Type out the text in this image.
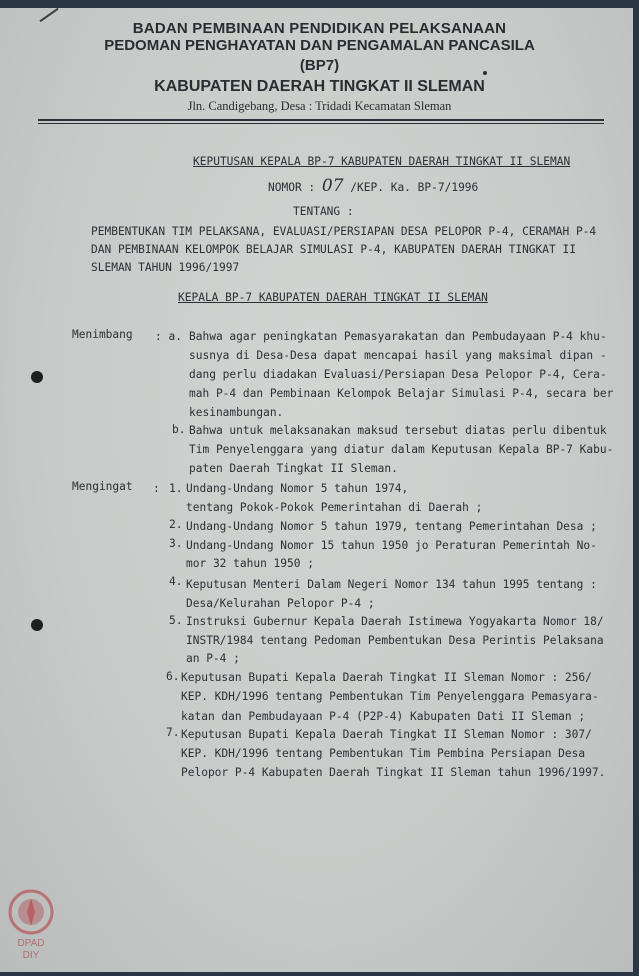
BADAN PEMBINAAN PENDIDIKAN PELAKSANAAN
PEDOMAN PENGHAYATAN DAN PENGAMALAN PANCASILA
(BP7)
KABUPATEN DAERAH TINGKAT II SLEMAN
Jln. Candigebang, Desa : Tridadi Kecamatan Sleman
KEPUTUSAN KEPALA BP-7 KABUPATEN DAERAH TINGKAT II SLEMAN
NOMOR : 07 /KEP. Ka. BP-7/1996
TENTANG :
PEMBENTUKAN TIM PELAKSANA, EVALUASI/PERSIAPAN DESA PELOPOR P-4, CERAMAH P-4
DAN PEMBINAAN KELOMPOK BELAJAR SIMULASI P-4, KABUPATEN DAERAH TINGKAT II
SLEMAN TAHUN 1996/1997
KEPALA BP-7 KABUPATEN DAERAH TINGKAT II SLEMAN
Menimbang : a. Bahwa agar peningkatan Pemasyarakatan dan Pembudayaan P-4 khu-
susnya di Desa-Desa dapat mencapai hasil yang maksimal dipan -
dang perlu diadakan Evaluasi/Persiapan Desa Pelopor P-4, Cera-
mah P-4 dan Pembinaan Kelompok Belajar Simulasi P-4, secara ber
kesinambungan.
b. Bahwa untuk melaksanakan maksud tersebut diatas perlu dibentuk
Tim Penyelenggara yang diatur dalam Keputusan Kepala BP-7 Kabu-
paten Daerah Tingkat II Sleman.
Mengingat : 1. Undang-Undang Nomor 5 tahun 1974,
tentang Pokok-Pokok Pemerintahan di Daerah ;
2. Undang-Undang Nomor 5 tahun 1979, tentang Pemerintahan Desa ;
3. Undang-Undang Nomor 15 tahun 1950 jo Peraturan Pemerintah No-
mor 32 tahun 1950 ;
4. Keputusan Menteri Dalam Negeri Nomor 134 tahun 1995 tentang :
Desa/Kelurahan Pelopor P-4 ;
5. Instruksi Gubernur Kepala Daerah Istimewa Yogyakarta Nomor 18/
INSTR/1984 tentang Pedoman Pembentukan Desa Perintis Pelaksana
an P-4 ;
6. Keputusan Bupati Kepala Daerah Tingkat II Sleman Nomor : 256/
KEP. KDH/1996 tentang Pembentukan Tim Penyelenggara Pemasyara-
katan dan Pembudayaan P-4 (P2P-4) Kabupaten Dati II Sleman ;
7. Keputusan Bupati Kepala Daerah Tingkat II Sleman Nomor : 307/
KEP. KDH/1996 tentang Pembentukan Tim Pembina Persiapan Desa
Pelopor P-4 Kabupaten Daerah Tingkat II Sleman tahun 1996/1997.
DPAD
DIY
